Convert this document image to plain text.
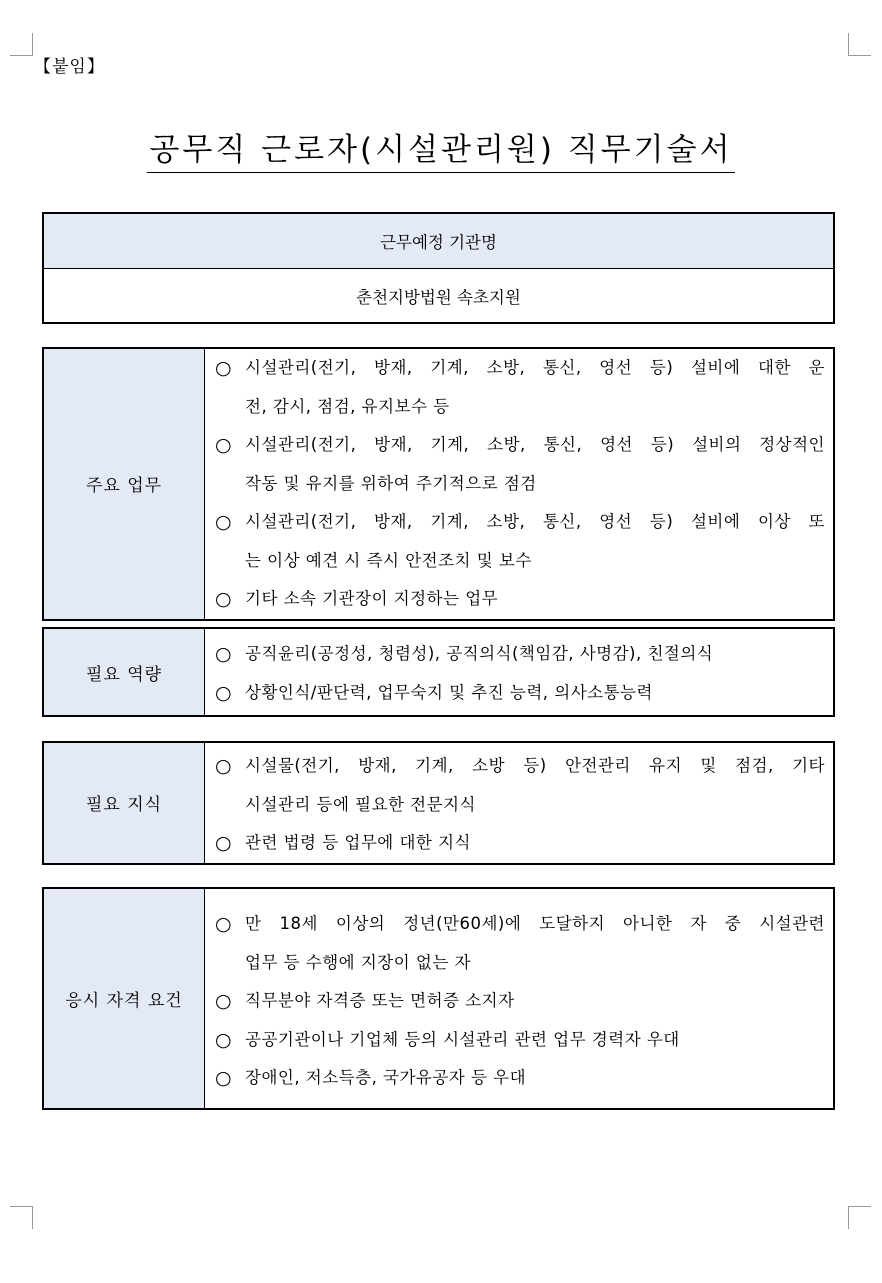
【붙임】
공무직 근로자(시설관리원) 직무기술서
근무예정 기관명
춘천지방법원 속초지원
주요 업무	
○ 시설관리(전기, 방재, 기계, 소방, 통신, 영선 등) 설비에 대한 운
전, 감시, 점검, 유지보수 등
○ 시설관리(전기, 방재, 기계, 소방, 통신, 영선 등) 설비의 정상적인
작동 및 유지를 위하여 주기적으로 점검
○ 시설관리(전기, 방재, 기계, 소방, 통신, 영선 등) 설비에 이상 또
는 이상 예견 시 즉시 안전조치 및 보수
○ 기타 소속 기관장이 지정하는 업무
필요 역량	
○ 공직윤리(공정성, 청렴성), 공직의식(책임감, 사명감), 친절의식
○ 상황인식/판단력, 업무숙지 및 추진 능력, 의사소통능력
필요 지식	
○ 시설물(전기, 방재, 기계, 소방 등) 안전관리 유지 및 점검, 기타
시설관리 등에 필요한 전문지식
○ 관련 법령 등 업무에 대한 지식
응시 자격 요건	
○ 만 18세 이상의 정년(만60세)에 도달하지 아니한 자 중 시설관련
업무 등 수행에 지장이 없는 자
○ 직무분야 자격증 또는 면허증 소지자
○ 공공기관이나 기업체 등의 시설관리 관련 업무 경력자 우대
○ 장애인, 저소득층, 국가유공자 등 우대
